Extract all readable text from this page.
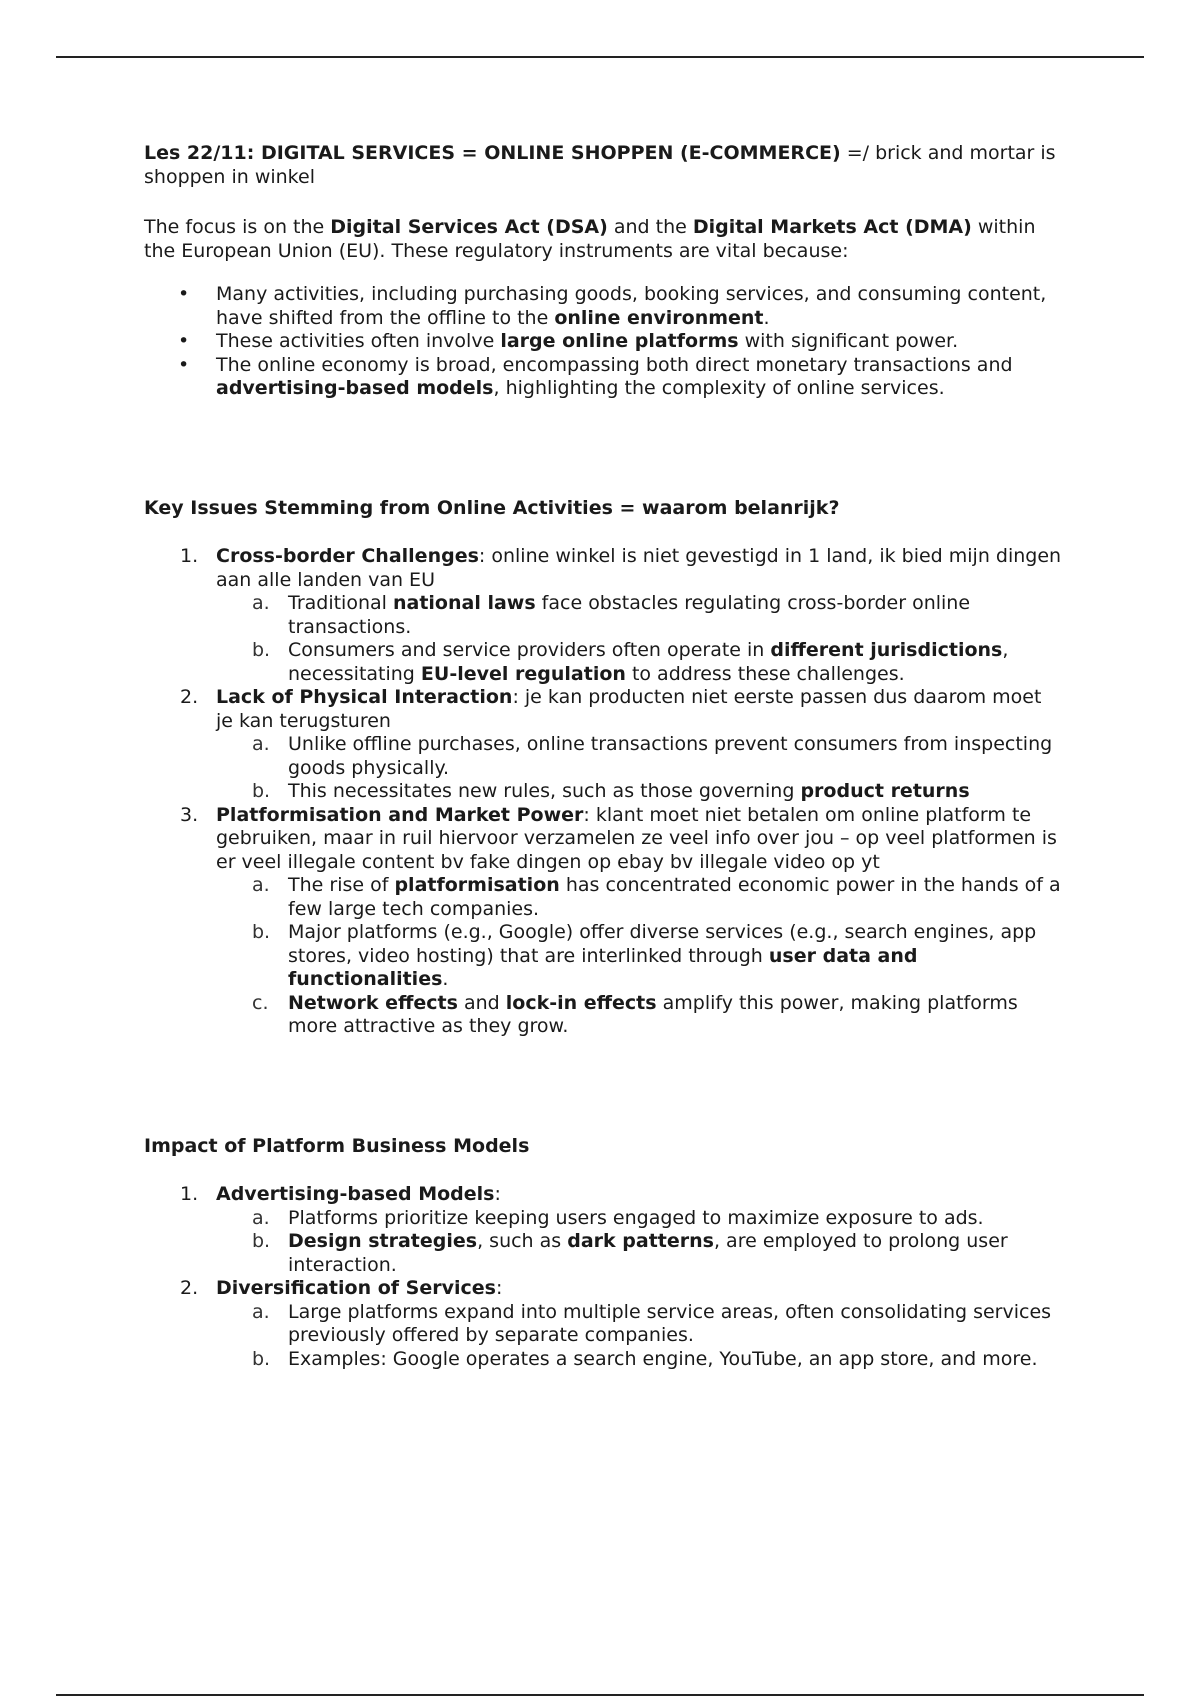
Les 22/11: DIGITAL SERVICES = ONLINE SHOPPEN (E-COMMERCE) =/ brick and mortar is shoppen in winkel

The focus is on the Digital Services Act (DSA) and the Digital Markets Act (DMA) within the European Union (EU). These regulatory instruments are vital because:

• Many activities, including purchasing goods, booking services, and consuming content, have shifted from the offline to the online environment.
• These activities often involve large online platforms with significant power.
• The online economy is broad, encompassing both direct monetary transactions and advertising-based models, highlighting the complexity of online services.

Key Issues Stemming from Online Activities = waarom belanrijk?

1. Cross-border Challenges: online winkel is niet gevestigd in 1 land, ik bied mijn dingen aan alle landen van EU
a. Traditional national laws face obstacles regulating cross-border online transactions.
b. Consumers and service providers often operate in different jurisdictions, necessitating EU-level regulation to address these challenges.
2. Lack of Physical Interaction: je kan producten niet eerste passen dus daarom moet je kan terugsturen
a. Unlike offline purchases, online transactions prevent consumers from inspecting goods physically.
b. This necessitates new rules, such as those governing product returns
3. Platformisation and Market Power: klant moet niet betalen om online platform te gebruiken, maar in ruil hiervoor verzamelen ze veel info over jou – op veel platformen is er veel illegale content bv fake dingen op ebay bv illegale video op yt
a. The rise of platformisation has concentrated economic power in the hands of a few large tech companies.
b. Major platforms (e.g., Google) offer diverse services (e.g., search engines, app stores, video hosting) that are interlinked through user data and functionalities.
c. Network effects and lock-in effects amplify this power, making platforms more attractive as they grow.

Impact of Platform Business Models

1. Advertising-based Models:
a. Platforms prioritize keeping users engaged to maximize exposure to ads.
b. Design strategies, such as dark patterns, are employed to prolong user interaction.
2. Diversification of Services:
a. Large platforms expand into multiple service areas, often consolidating services previously offered by separate companies.
b. Examples: Google operates a search engine, YouTube, an app store, and more.
